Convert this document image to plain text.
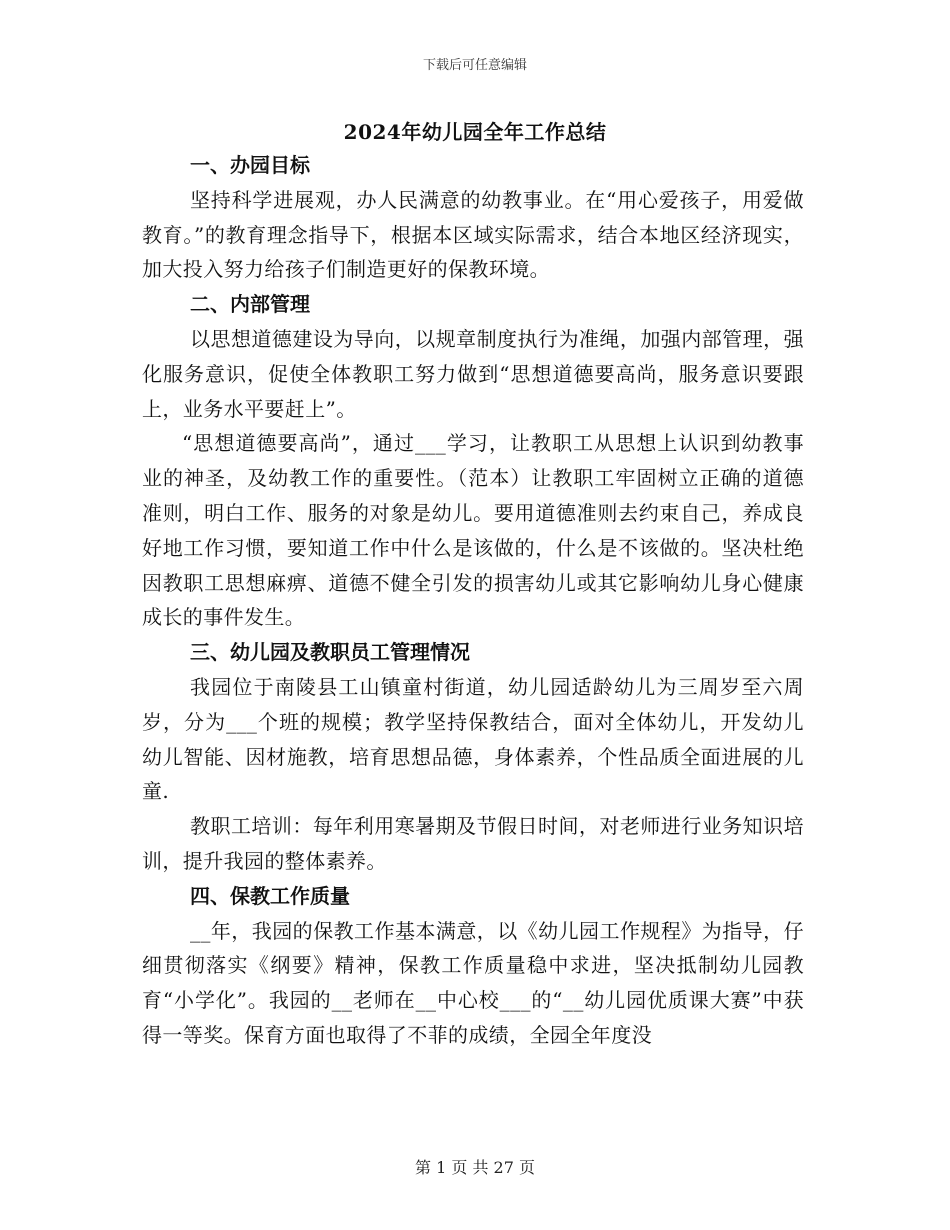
下载后可任意编辑
2024年幼儿园全年工作总结

一、办园目标

坚持科学进展观，办人民满意的幼教事业。在“用心爱孩子，用爱做教育。”的教育理念指导下，根据本区域实际需求，结合本地区经济现实，加大投入努力给孩子们制造更好的保教环境。

二、内部管理

以思想道德建设为导向，以规章制度执行为准绳，加强内部管理，强化服务意识，促使全体教职工努力做到“思想道德要高尚，服务意识要跟上，业务水平要赶上”。

“思想道德要高尚”，通过___学习，让教职工从思想上认识到幼教事业的神圣，及幼教工作的重要性。（范本）让教职工牢固树立正确的道德准则，明白工作、服务的对象是幼儿。要用道德准则去约束自己，养成良好地工作习惯，要知道工作中什么是该做的，什么是不该做的。坚决杜绝因教职工思想麻痹、道德不健全引发的损害幼儿或其它影响幼儿身心健康成长的事件发生。

三、幼儿园及教职员工管理情况

我园位于南陵县工山镇童村街道，幼儿园适龄幼儿为三周岁至六周岁，分为___个班的规模；教学坚持保教结合，面对全体幼儿，开发幼儿幼儿智能、因材施教，培育思想品德，身体素养，个性品质全面进展的儿童.

教职工培训：每年利用寒暑期及节假日时间，对老师进行业务知识培训，提升我园的整体素养。

四、保教工作质量

__年，我园的保教工作基本满意，以《幼儿园工作规程》为指导，仔细贯彻落实《纲要》精神，保教工作质量稳中求进，坚决抵制幼儿园教育“小学化”。我园的__老师在__中心校___的“__幼儿园优质课大赛”中获得一等奖。保育方面也取得了不菲的成绩，全园全年度没

第 1 页 共 27 页
